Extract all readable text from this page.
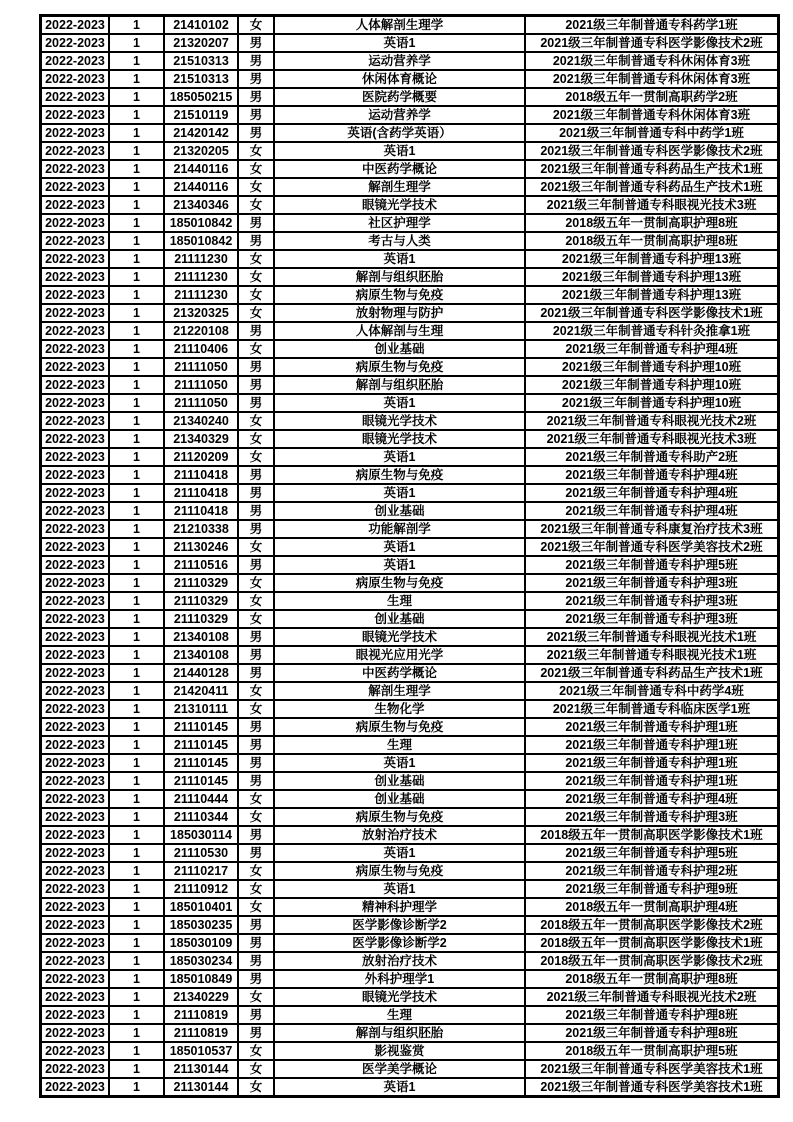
2022-2023	1	21410102	女	人体解剖生理学	2021级三年制普通专科药学1班
2022-2023	1	21320207	男	英语1	2021级三年制普通专科医学影像技术2班
2022-2023	1	21510313	男	运动营养学	2021级三年制普通专科休闲体育3班
2022-2023	1	21510313	男	休闲体育概论	2021级三年制普通专科休闲体育3班
2022-2023	1	185050215	男	医院药学概要	2018级五年一贯制高职药学2班
2022-2023	1	21510119	男	运动营养学	2021级三年制普通专科休闲体育3班
2022-2023	1	21420142	男	英语(含药学英语）	2021级三年制普通专科中药学1班
2022-2023	1	21320205	女	英语1	2021级三年制普通专科医学影像技术2班
2022-2023	1	21440116	女	中医药学概论	2021级三年制普通专科药品生产技术1班
2022-2023	1	21440116	女	解剖生理学	2021级三年制普通专科药品生产技术1班
2022-2023	1	21340346	女	眼镜光学技术	2021级三年制普通专科眼视光技术3班
2022-2023	1	185010842	男	社区护理学	2018级五年一贯制高职护理8班
2022-2023	1	185010842	男	考古与人类	2018级五年一贯制高职护理8班
2022-2023	1	21111230	女	英语1	2021级三年制普通专科护理13班
2022-2023	1	21111230	女	解剖与组织胚胎	2021级三年制普通专科护理13班
2022-2023	1	21111230	女	病原生物与免疫	2021级三年制普通专科护理13班
2022-2023	1	21320325	女	放射物理与防护	2021级三年制普通专科医学影像技术1班
2022-2023	1	21220108	男	人体解剖与生理	2021级三年制普通专科针灸推拿1班
2022-2023	1	21110406	女	创业基础	2021级三年制普通专科护理4班
2022-2023	1	21111050	男	病原生物与免疫	2021级三年制普通专科护理10班
2022-2023	1	21111050	男	解剖与组织胚胎	2021级三年制普通专科护理10班
2022-2023	1	21111050	男	英语1	2021级三年制普通专科护理10班
2022-2023	1	21340240	女	眼镜光学技术	2021级三年制普通专科眼视光技术2班
2022-2023	1	21340329	女	眼镜光学技术	2021级三年制普通专科眼视光技术3班
2022-2023	1	21120209	女	英语1	2021级三年制普通专科助产2班
2022-2023	1	21110418	男	病原生物与免疫	2021级三年制普通专科护理4班
2022-2023	1	21110418	男	英语1	2021级三年制普通专科护理4班
2022-2023	1	21110418	男	创业基础	2021级三年制普通专科护理4班
2022-2023	1	21210338	男	功能解剖学	2021级三年制普通专科康复治疗技术3班
2022-2023	1	21130246	女	英语1	2021级三年制普通专科医学美容技术2班
2022-2023	1	21110516	男	英语1	2021级三年制普通专科护理5班
2022-2023	1	21110329	女	病原生物与免疫	2021级三年制普通专科护理3班
2022-2023	1	21110329	女	生理	2021级三年制普通专科护理3班
2022-2023	1	21110329	女	创业基础	2021级三年制普通专科护理3班
2022-2023	1	21340108	男	眼镜光学技术	2021级三年制普通专科眼视光技术1班
2022-2023	1	21340108	男	眼视光应用光学	2021级三年制普通专科眼视光技术1班
2022-2023	1	21440128	男	中医药学概论	2021级三年制普通专科药品生产技术1班
2022-2023	1	21420411	女	解剖生理学	2021级三年制普通专科中药学4班
2022-2023	1	21310111	女	生物化学	2021级三年制普通专科临床医学1班
2022-2023	1	21110145	男	病原生物与免疫	2021级三年制普通专科护理1班
2022-2023	1	21110145	男	生理	2021级三年制普通专科护理1班
2022-2023	1	21110145	男	英语1	2021级三年制普通专科护理1班
2022-2023	1	21110145	男	创业基础	2021级三年制普通专科护理1班
2022-2023	1	21110444	女	创业基础	2021级三年制普通专科护理4班
2022-2023	1	21110344	女	病原生物与免疫	2021级三年制普通专科护理3班
2022-2023	1	185030114	男	放射治疗技术	2018级五年一贯制高职医学影像技术1班
2022-2023	1	21110530	男	英语1	2021级三年制普通专科护理5班
2022-2023	1	21110217	女	病原生物与免疫	2021级三年制普通专科护理2班
2022-2023	1	21110912	女	英语1	2021级三年制普通专科护理9班
2022-2023	1	185010401	女	精神科护理学	2018级五年一贯制高职护理4班
2022-2023	1	185030235	男	医学影像诊断学2	2018级五年一贯制高职医学影像技术2班
2022-2023	1	185030109	男	医学影像诊断学2	2018级五年一贯制高职医学影像技术1班
2022-2023	1	185030234	男	放射治疗技术	2018级五年一贯制高职医学影像技术2班
2022-2023	1	185010849	男	外科护理学1	2018级五年一贯制高职护理8班
2022-2023	1	21340229	女	眼镜光学技术	2021级三年制普通专科眼视光技术2班
2022-2023	1	21110819	男	生理	2021级三年制普通专科护理8班
2022-2023	1	21110819	男	解剖与组织胚胎	2021级三年制普通专科护理8班
2022-2023	1	185010537	女	影视鉴赏	2018级五年一贯制高职护理5班
2022-2023	1	21130144	女	医学美学概论	2021级三年制普通专科医学美容技术1班
2022-2023	1	21130144	女	英语1	2021级三年制普通专科医学美容技术1班
